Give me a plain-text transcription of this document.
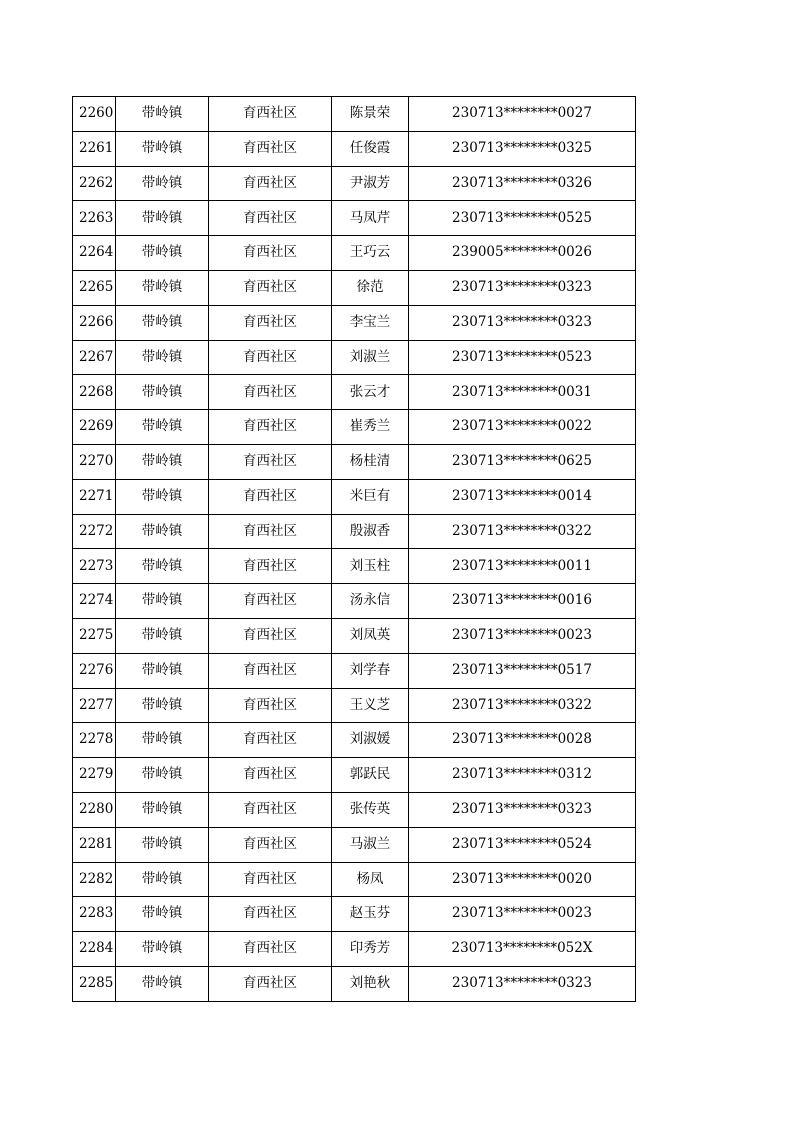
2260	带岭镇	育西社区	陈景荣	230713********0027
2261	带岭镇	育西社区	任俊霞	230713********0325
2262	带岭镇	育西社区	尹淑芳	230713********0326
2263	带岭镇	育西社区	马凤芹	230713********0525
2264	带岭镇	育西社区	王巧云	239005********0026
2265	带岭镇	育西社区	徐范	230713********0323
2266	带岭镇	育西社区	李宝兰	230713********0323
2267	带岭镇	育西社区	刘淑兰	230713********0523
2268	带岭镇	育西社区	张云才	230713********0031
2269	带岭镇	育西社区	崔秀兰	230713********0022
2270	带岭镇	育西社区	杨桂清	230713********0625
2271	带岭镇	育西社区	米巨有	230713********0014
2272	带岭镇	育西社区	殷淑香	230713********0322
2273	带岭镇	育西社区	刘玉柱	230713********0011
2274	带岭镇	育西社区	汤永信	230713********0016
2275	带岭镇	育西社区	刘凤英	230713********0023
2276	带岭镇	育西社区	刘学春	230713********0517
2277	带岭镇	育西社区	王义芝	230713********0322
2278	带岭镇	育西社区	刘淑媛	230713********0028
2279	带岭镇	育西社区	郭跃民	230713********0312
2280	带岭镇	育西社区	张传英	230713********0323
2281	带岭镇	育西社区	马淑兰	230713********0524
2282	带岭镇	育西社区	杨凤	230713********0020
2283	带岭镇	育西社区	赵玉芬	230713********0023
2284	带岭镇	育西社区	印秀芳	230713********052X
2285	带岭镇	育西社区	刘艳秋	230713********0323
